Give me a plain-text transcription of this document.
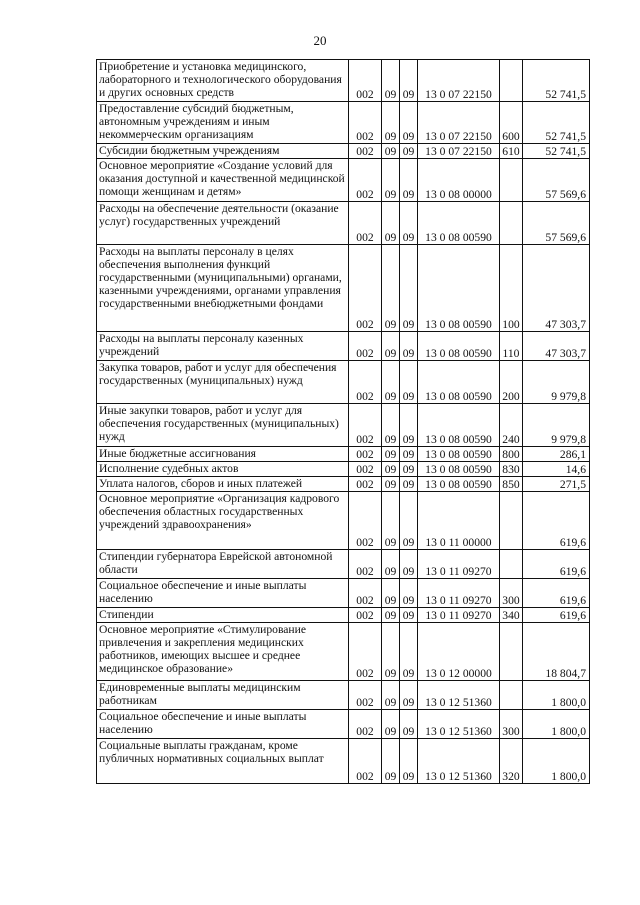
20
Приобретение и установка медицинского, лабораторного и технологического оборудования и других основных средств	002	09	09	13 0 07 22150		52 741,5
Предоставление субсидий бюджетным, автономным учреждениям и иным некоммерческим организациям	002	09	09	13 0 07 22150	600	52 741,5
Субсидии бюджетным учреждениям	002	09	09	13 0 07 22150	610	52 741,5
Основное мероприятие «Создание условий для оказания доступной и качественной медицинской помощи женщинам и детям»	002	09	09	13 0 08 00000		57 569,6
Расходы на обеспечение деятельности (оказание услуг) государственных учреждений	002	09	09	13 0 08 00590		57 569,6
Расходы на выплаты персоналу в целях обеспечения выполнения функций государственными (муниципальными) органами, казенными учреждениями, органами управления государственными внебюджетными фондами	002	09	09	13 0 08 00590	100	47 303,7
Расходы на выплаты персоналу казенных учреждений	002	09	09	13 0 08 00590	110	47 303,7
Закупка товаров, работ и услуг для обеспечения государственных (муниципальных) нужд	002	09	09	13 0 08 00590	200	9 979,8
Иные закупки товаров, работ и услуг для обеспечения государственных (муниципальных) нужд	002	09	09	13 0 08 00590	240	9 979,8
Иные бюджетные ассигнования	002	09	09	13 0 08 00590	800	286,1
Исполнение судебных актов	002	09	09	13 0 08 00590	830	14,6
Уплата налогов, сборов и иных платежей	002	09	09	13 0 08 00590	850	271,5
Основное мероприятие «Организация кадрового обеспечения областных государственных учреждений здравоохранения»	002	09	09	13 0 11 00000		619,6
Стипендии губернатора Еврейской автономной области	002	09	09	13 0 11 09270		619,6
Социальное обеспечение и иные выплаты населению	002	09	09	13 0 11 09270	300	619,6
Стипендии	002	09	09	13 0 11 09270	340	619,6
Основное мероприятие «Стимулирование привлечения и закрепления медицинских работников, имеющих высшее и среднее медицинское образование»	002	09	09	13 0 12 00000		18 804,7
Единовременные выплаты медицинским работникам	002	09	09	13 0 12 51360		1 800,0
Социальное обеспечение и иные выплаты населению	002	09	09	13 0 12 51360	300	1 800,0
Социальные выплаты гражданам, кроме публичных нормативных социальных выплат	002	09	09	13 0 12 51360	320	1 800,0
